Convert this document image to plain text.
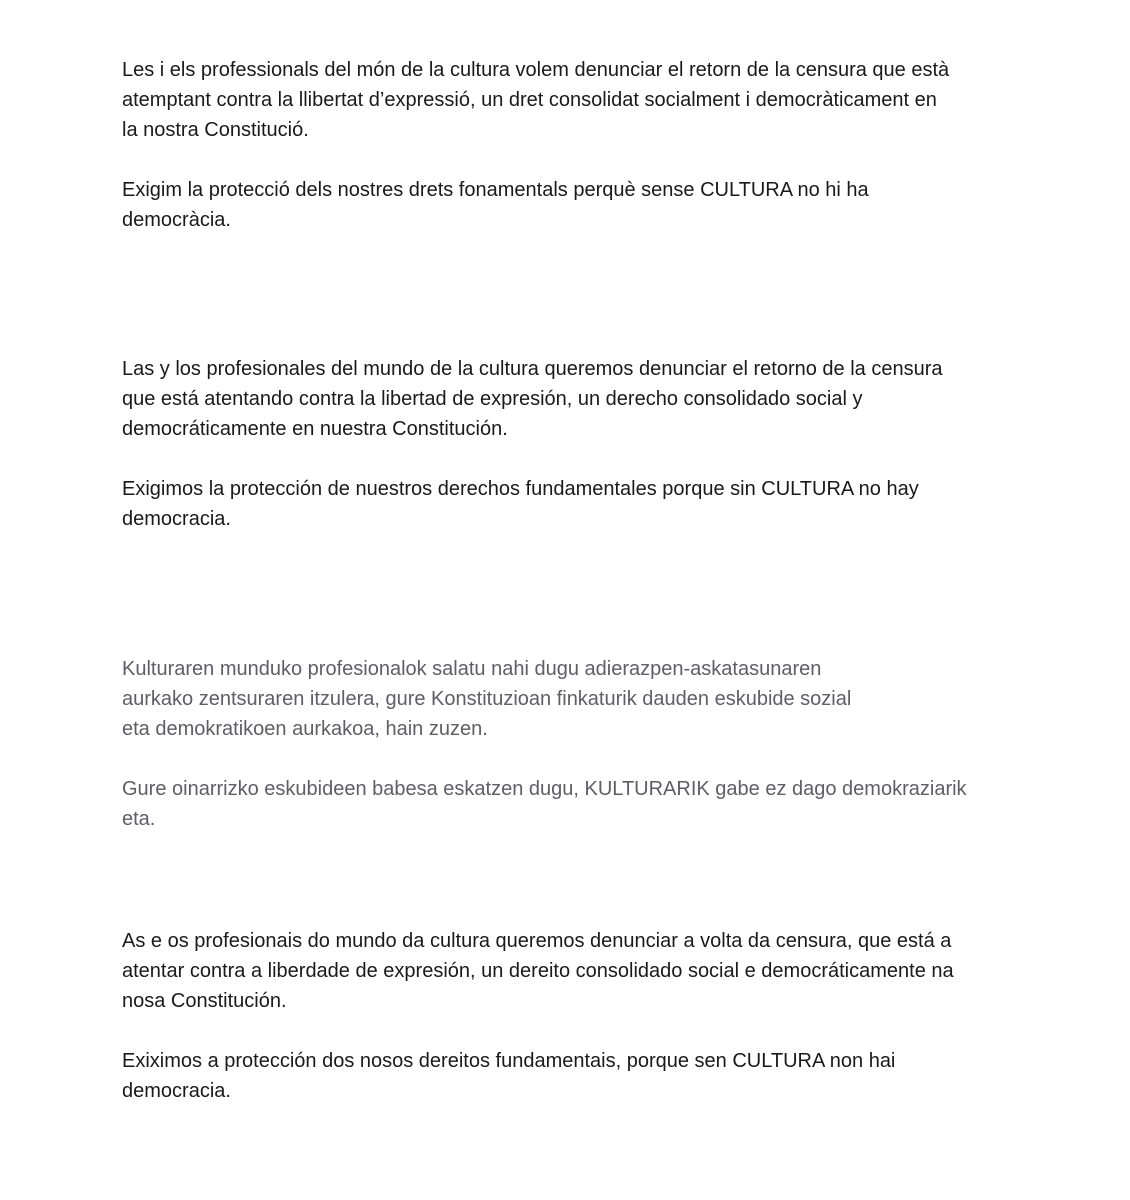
Les i els professionals del món de la cultura volem denunciar el retorn de la censura que està
atemptant contra la llibertat d’expressió, un dret consolidat socialment i democràticament en
la nostra Constitució.

Exigim la protecció dels nostres drets fonamentals perquè sense CULTURA no hi ha
democràcia.

Las y los profesionales del mundo de la cultura queremos denunciar el retorno de la censura
que está atentando contra la libertad de expresión, un derecho consolidado social y
democráticamente en nuestra Constitución.

Exigimos la protección de nuestros derechos fundamentales porque sin CULTURA no hay
democracia.

Kulturaren munduko profesionalok salatu nahi dugu adierazpen-askatasunaren
aurkako zentsuraren itzulera, gure Konstituzioan finkaturik dauden eskubide sozial
eta demokratikoen aurkakoa, hain zuzen.

Gure oinarrizko eskubideen babesa eskatzen dugu, KULTURARIK gabe ez dago demokraziarik
eta.

As e os profesionais do mundo da cultura queremos denunciar a volta da censura, que está a
atentar contra a liberdade de expresión, un dereito consolidado social e democráticamente na
nosa Constitución.

Exiximos a protección dos nosos dereitos fundamentais, porque sen CULTURA non hai
democracia.
